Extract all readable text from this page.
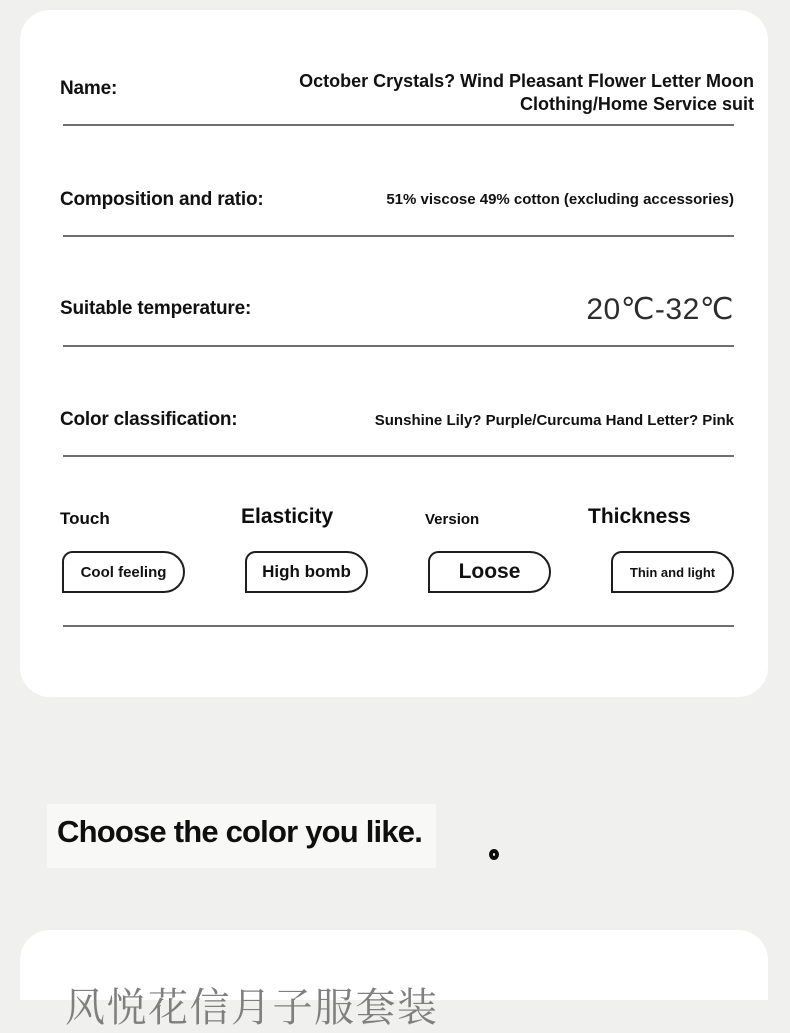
Name:	October Crystals? Wind Pleasant Flower Letter Moon
Clothing/Home Service suit
Composition and ratio:	51% viscose 49% cotton (excluding accessories)
Suitable temperature:	20℃-32℃
Color classification:	Sunshine Lily? Purple/Curcuma Hand Letter? Pink
Touch	Elasticity	Version	Thickness
Cool feeling	High bomb	Loose	Thin and light
Choose the color you like.
风悦花信月子服套装
